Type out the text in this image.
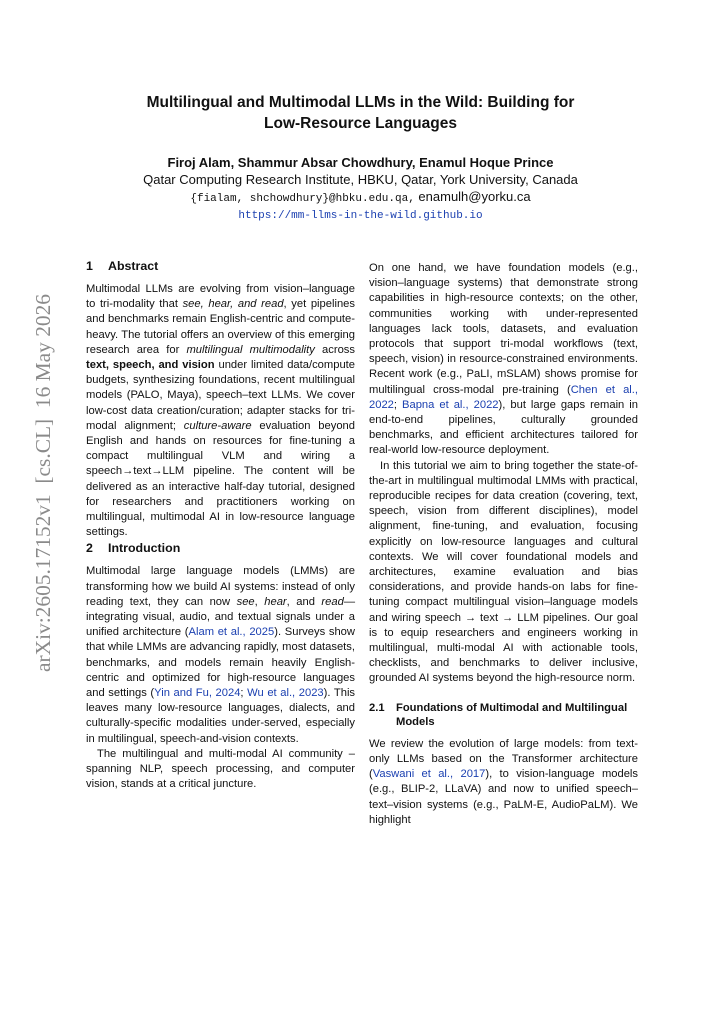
arXiv:2605.17152v1  [cs.CL]  16 May 2026
Multilingual and Multimodal LLMs in the Wild: Building for
Low-Resource Languages
Firoj Alam, Shammur Absar Chowdhury, Enamul Hoque Prince
Qatar Computing Research Institute, HBKU, Qatar, York University, Canada
{fialam, shchowdhury}@hbku.edu.qa, enamulh@yorku.ca
https://mm-llms-in-the-wild.github.io
1 Abstract

Multimodal LLMs are evolving from vision–language to tri-modality that see, hear, and read, yet pipelines and benchmarks remain English-centric and compute-heavy. The tutorial offers an overview of this emerging research area for multilingual multimodality across text, speech, and vision under limited data/compute budgets, synthesizing foundations, recent multilingual models (PALO, Maya), speech–text LLMs. We cover low-cost data creation/curation; adapter stacks for tri-modal alignment; culture-aware evaluation beyond English and hands on resources for fine-tuning a compact multilingual VLM and wiring a speech→text→LLM pipeline. The content will be delivered as an interactive half-day tutorial, designed for researchers and practitioners working on multilingual, multimodal AI in low-resource language settings.

2 Introduction

Multimodal large language models (LMMs) are transforming how we build AI systems: instead of only reading text, they can now see, hear, and read—integrating visual, audio, and textual signals under a unified architecture (Alam et al., 2025). Surveys show that while LMMs are advancing rapidly, most datasets, benchmarks, and models remain heavily English-centric and optimized for high-resource languages and settings (Yin and Fu, 2024; Wu et al., 2023). This leaves many low-resource languages, dialects, and culturally-specific modalities under-served, especially in multilingual, speech-and-vision contexts.

The multilingual and multi-modal AI community – spanning NLP, speech processing, and computer vision, stands at a critical juncture.

On one hand, we have foundation models (e.g., vision–language systems) that demonstrate strong capabilities in high-resource contexts; on the other, communities working with under-represented languages lack tools, datasets, and evaluation protocols that support tri-modal workflows (text, speech, vision) in resource-constrained environments. Recent work (e.g., PaLI, mSLAM) shows promise for multilingual cross-modal pre-training (Chen et al., 2022; Bapna et al., 2022), but large gaps remain in end-to-end pipelines, culturally grounded benchmarks, and efficient architectures tailored for real-world low-resource deployment.

In this tutorial we aim to bring together the state-of-the-art in multilingual multimodal LMMs with practical, reproducible recipes for data creation (covering, text, speech, vision from different disciplines), model alignment, fine-tuning, and evaluation, focusing explicitly on low-resource languages and cultural contexts. We will cover foundational models and architectures, examine evaluation and bias considerations, and provide hands-on labs for fine-tuning compact multilingual vision–language models and wiring speech → text → LLM pipelines. Our goal is to equip researchers and engineers working in multilingual, multi-modal AI with actionable tools, checklists, and benchmarks to deliver inclusive, grounded AI systems beyond the high-resource norm.

2.1 Foundations of Multimodal and Multilingual Models

We review the evolution of large models: from text-only LLMs based on the Transformer architecture (Vaswani et al., 2017), to vision-language models (e.g., BLIP-2, LLaVA) and now to unified speech–text–vision systems (e.g., PaLM-E, AudioPaLM). We highlight
